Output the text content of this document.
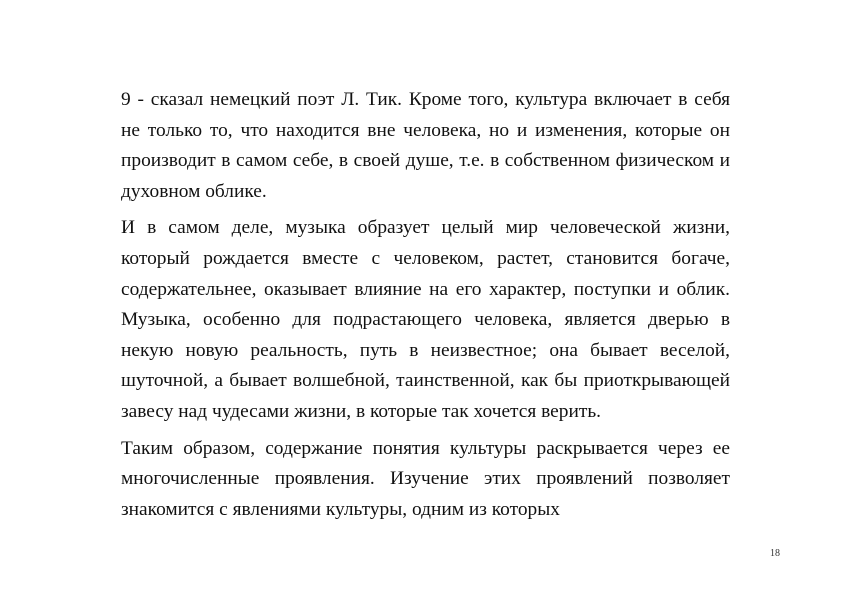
9 - сказал немецкий поэт Л. Тик. Кроме того, культура включает в себя не только то, что находится вне человека, но и изменения, которые он производит в самом себе, в своей душе, т.е. в собственном физическом и духовном облике.

И в самом деле, музыка образует целый мир человеческой жизни, который рождается вместе с человеком, растет, становится богаче, содержательнее, оказывает влияние на его характер, поступки и облик. Музыка, особенно для подрастающего человека, является дверью в некую новую реальность, путь в неизвестное; она бывает веселой, шуточной, а бывает волшебной, таинственной, как бы приоткрывающей завесу над чудесами жизни, в которые так хочется верить.

Таким образом, содержание понятия культуры раскрывается через ее многочисленные проявления. Изучение этих проявлений позволяет знакомится с явлениями культуры, одним из которых

18
